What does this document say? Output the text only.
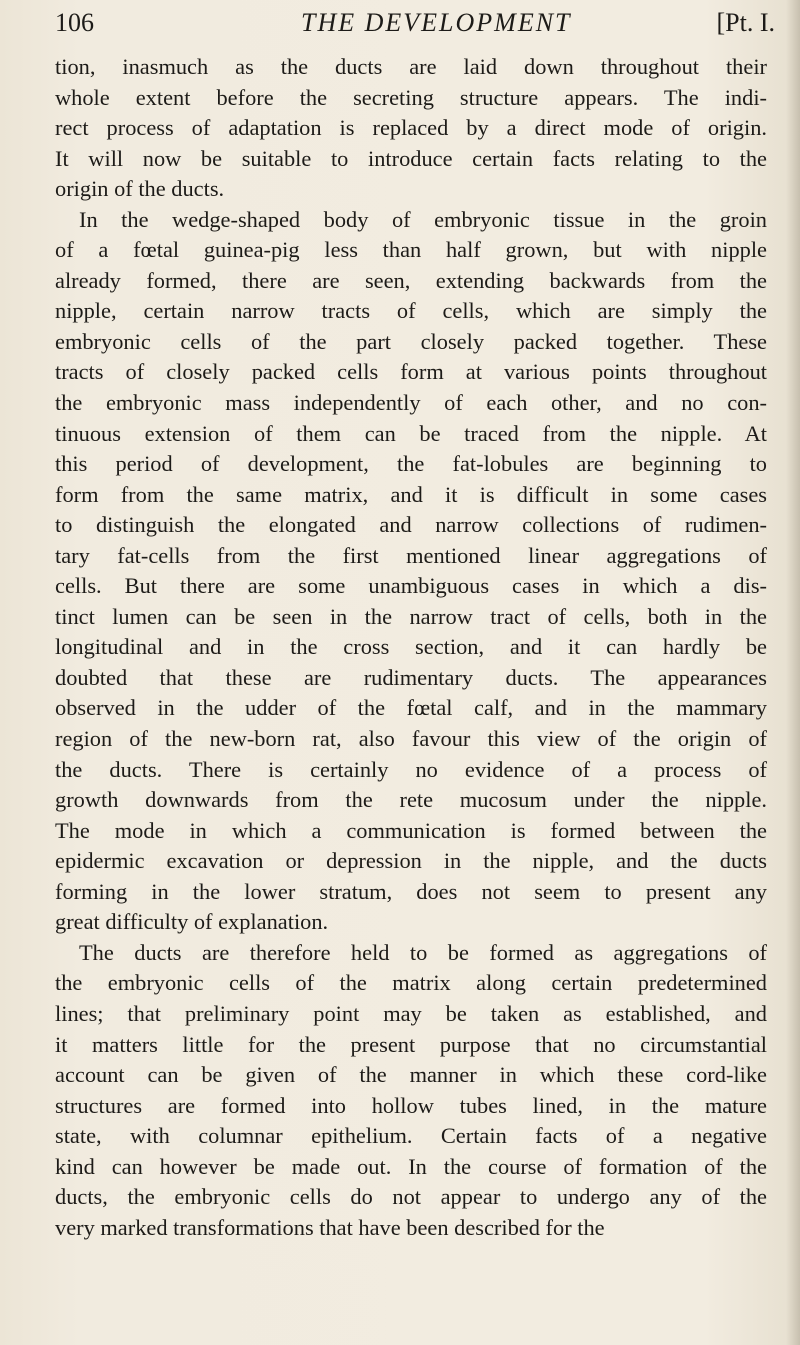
106	THE DEVELOPMENT	[Pt. I.
tion, inasmuch as the ducts are laid down throughout their
whole extent before the secreting structure appears. The indi-
rect process of adaptation is replaced by a direct mode of origin.
It will now be suitable to introduce certain facts relating to the
origin of the ducts.
In the wedge-shaped body of embryonic tissue in the groin
of a fœtal guinea-pig less than half grown, but with nipple
already formed, there are seen, extending backwards from the
nipple, certain narrow tracts of cells, which are simply the
embryonic cells of the part closely packed together. These
tracts of closely packed cells form at various points throughout
the embryonic mass independently of each other, and no con-
tinuous extension of them can be traced from the nipple. At
this period of development, the fat-lobules are beginning to
form from the same matrix, and it is difficult in some cases
to distinguish the elongated and narrow collections of rudimen-
tary fat-cells from the first mentioned linear aggregations of
cells. But there are some unambiguous cases in which a dis-
tinct lumen can be seen in the narrow tract of cells, both in the
longitudinal and in the cross section, and it can hardly be
doubted that these are rudimentary ducts. The appearances
observed in the udder of the fœtal calf, and in the mammary
region of the new-born rat, also favour this view of the origin of
the ducts. There is certainly no evidence of a process of
growth downwards from the rete mucosum under the nipple.
The mode in which a communication is formed between the
epidermic excavation or depression in the nipple, and the ducts
forming in the lower stratum, does not seem to present any
great difficulty of explanation.
The ducts are therefore held to be formed as aggregations of
the embryonic cells of the matrix along certain predetermined
lines; that preliminary point may be taken as established, and
it matters little for the present purpose that no circumstantial
account can be given of the manner in which these cord-like
structures are formed into hollow tubes lined, in the mature
state, with columnar epithelium. Certain facts of a negative
kind can however be made out. In the course of formation of the
ducts, the embryonic cells do not appear to undergo any of the
very marked transformations that have been described for the
